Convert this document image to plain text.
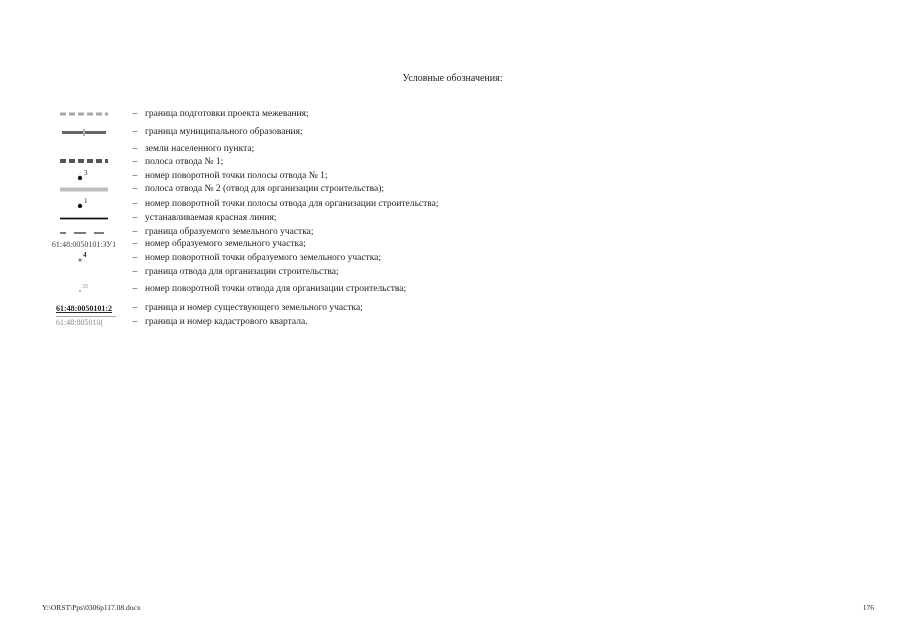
Условные обозначения:
– граница подготовки проекта межевания;
– граница муниципального образования;
– земли населенного пункта;
– полоса отвода № 1;
3	– номер поворотной точки полосы отвода № 1;
– полоса отвода № 2 (отвод для организации строительства);
1	– номер поворотной точки полосы отвода для организации строительства;
– устанавливаемая красная линия;
– граница образуемого земельного участка;
61:48:0050101:ЗУ1	– номер образуемого земельного участка;
4	– номер поворотной точки образуемого земельного участка;
– граница отвода для организации строительства;
35	– номер поворотной точки отвода для организации строительства;
61:48:0050101:2	– граница и номер существующего земельного участка;
61:48:005010(	– граница и номер кадастрового квартала.
Y:\ORST\Pps\0306р117.08.docx	176
